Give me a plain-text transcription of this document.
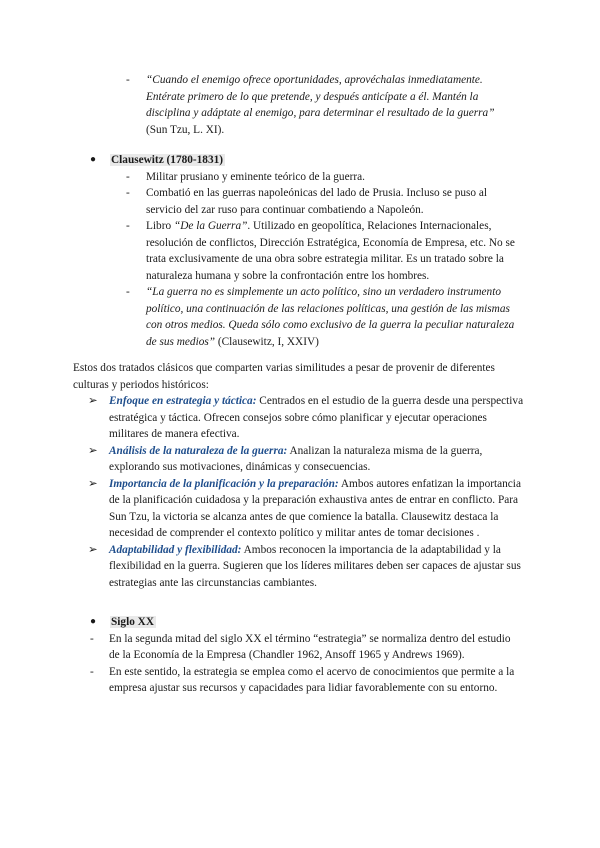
- “Cuando el enemigo ofrece oportunidades, aprovéchalas inmediatamente. Entérate primero de lo que pretende, y después anticípate a él. Mantén la disciplina y adáptate al enemigo, para determinar el resultado de la guerra” (Sun Tzu, L. XI).
● Clausewitz (1780-1831)
- Militar prusiano y eminente teórico de la guerra.
- Combatió en las guerras napoleónicas del lado de Prusia. Incluso se puso al servicio del zar ruso para continuar combatiendo a Napoleón.
- Libro “De la Guerra”. Utilizado en geopolítica, Relaciones Internacionales, resolución de conflictos, Dirección Estratégica, Economía de Empresa, etc. No se trata exclusivamente de una obra sobre estrategia militar. Es un tratado sobre la naturaleza humana y sobre la confrontación entre los hombres.
- “La guerra no es simplemente un acto político, sino un verdadero instrumento político, una continuación de las relaciones políticas, una gestión de las mismas con otros medios. Queda sólo como exclusivo de la guerra la peculiar naturaleza de sus medios” (Clausewitz, I, XXIV)
Estos dos tratados clásicos que comparten varias similitudes a pesar de provenir de diferentes culturas y periodos históricos:
➢ Enfoque en estrategia y táctica: Centrados en el estudio de la guerra desde una perspectiva estratégica y táctica. Ofrecen consejos sobre cómo planificar y ejecutar operaciones militares de manera efectiva.
➢ Análisis de la naturaleza de la guerra: Analizan la naturaleza misma de la guerra, explorando sus motivaciones, dinámicas y consecuencias.
➢ Importancia de la planificación y la preparación: Ambos autores enfatizan la importancia de la planificación cuidadosa y la preparación exhaustiva antes de entrar en conflicto. Para Sun Tzu, la victoria se alcanza antes de que comience la batalla. Clausewitz destaca la necesidad de comprender el contexto político y militar antes de tomar decisiones .
➢ Adaptabilidad y flexibilidad: Ambos reconocen la importancia de la adaptabilidad y la flexibilidad en la guerra. Sugieren que los líderes militares deben ser capaces de ajustar sus estrategias ante las circunstancias cambiantes.
● Siglo XX
- En la segunda mitad del siglo XX el término “estrategia” se normaliza dentro del estudio de la Economía de la Empresa (Chandler 1962, Ansoff 1965 y Andrews 1969).
- En este sentido, la estrategia se emplea como el acervo de conocimientos que permite a la empresa ajustar sus recursos y capacidades para lidiar favorablemente con su entorno.
